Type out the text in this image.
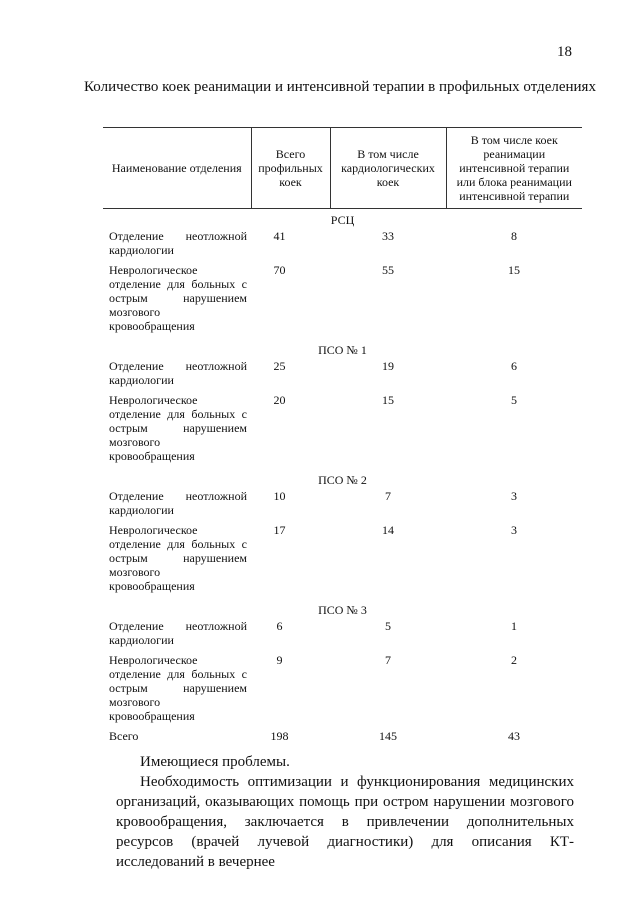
18
Количество коек реанимации и интенсивной терапии в профильных отделениях
Наименование отделения	Всего профильных коек	В том числе кардиологических коек	В том числе коек реанимации интенсивной терапии или блока реанимации интенсивной терапии
РСЦ			
Отделение неотложной кардиологии	41	33	8
Неврологическое отделение для больных с острым нарушением мозгового кровообращения	70	55	15
ПСО № 1			
Отделение неотложной кардиологии	25	19	6
Неврологическое отделение для больных с острым нарушением мозгового кровообращения	20	15	5
ПСО № 2			
Отделение неотложной кардиологии	10	7	3
Неврологическое отделение для больных с острым нарушением мозгового кровообращения	17	14	3
ПСО № 3			
Отделение неотложной кардиологии	6	5	1
Неврологическое отделение для больных с острым нарушением мозгового кровообращения	9	7	2
Всего	198	145	43
Имеющиеся проблемы.
Необходимость оптимизации и функционирования медицинских организаций, оказывающих помощь при остром нарушении мозгового кровообращения, заключается в привлечении дополнительных ресурсов (врачей лучевой диагностики) для описания КТ-исследований в вечернее
